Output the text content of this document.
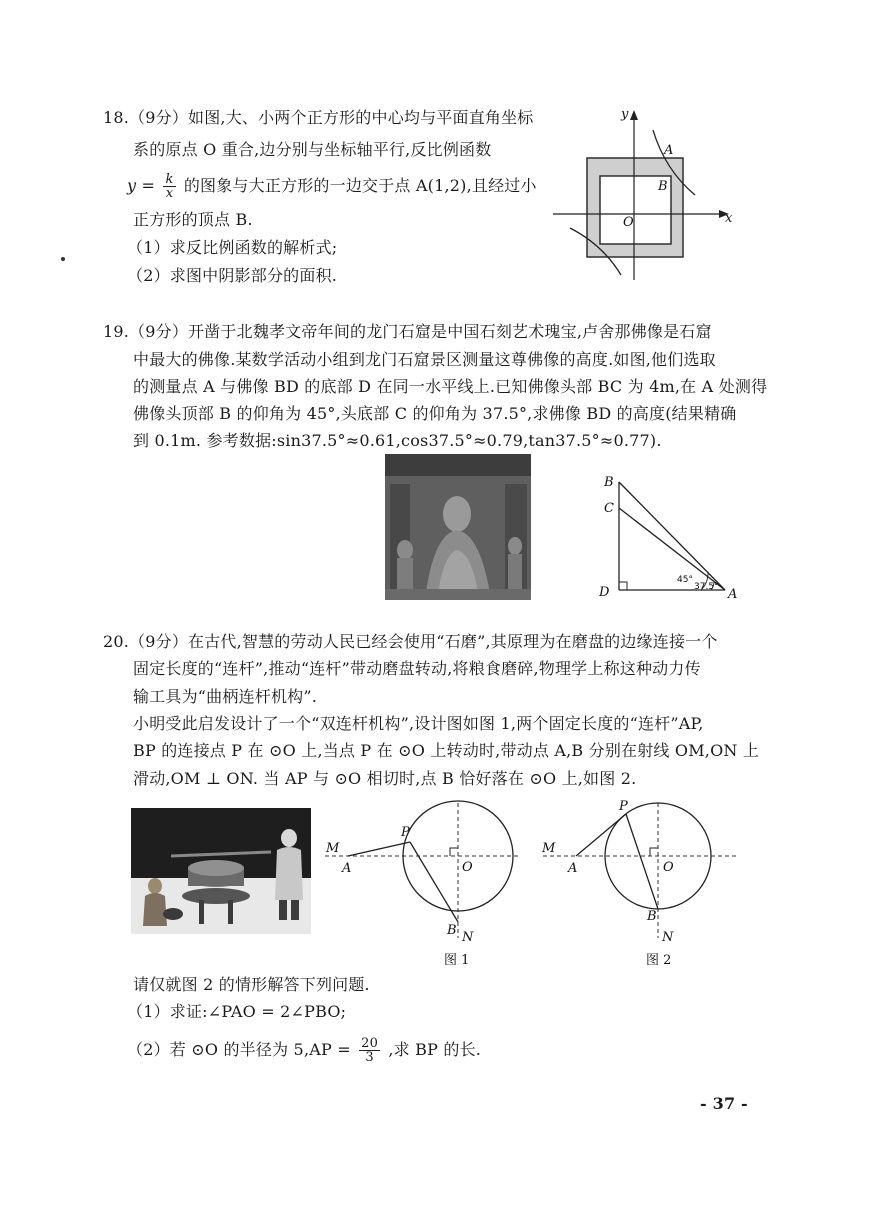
18.（9分）如图,大、小两个正方形的中心均与平面直角坐标
系的原点 O 重合,边分别与坐标轴平行,反比例函数
$y = \frac{k}{x}$ 的图象与大正方形的一边交于点 A(1,2),且经过小
正方形的顶点 B.
（1）求反比例函数的解析式;
（2）求图中阴影部分的面积.
y
x
O
A
B
19.（9分）开凿于北魏孝文帝年间的龙门石窟是中国石刻艺术瑰宝,卢舍那佛像是石窟
中最大的佛像.某数学活动小组到龙门石窟景区测量这尊佛像的高度.如图,他们选取
的测量点 A 与佛像 BD 的底部 D 在同一水平线上.已知佛像头部 BC 为 4m,在 A 处测得
佛像头顶部 B 的仰角为 45°,头底部 C 的仰角为 37.5°,求佛像 BD 的高度(结果精确
到 0.1m. 参考数据:sin37.5°≈0.61,cos37.5°≈0.79,tan37.5°≈0.77).
B
C
D	A
45°
37.5°
20.（9分）在古代,智慧的劳动人民已经会使用“石磨”,其原理为在磨盘的边缘连接一个
固定长度的“连杆”,推动“连杆”带动磨盘转动,将粮食磨碎,物理学上称这种动力传
输工具为“曲柄连杆机构”.
小明受此启发设计了一个“双连杆机构”,设计图如图 1,两个固定长度的“连杆”AP,
BP 的连接点 P 在 ⊙O 上,当点 P 在 ⊙O 上转动时,带动点 A,B 分别在射线 OM,ON 上
滑动,OM ⊥ ON. 当 AP 与 ⊙O 相切时,点 B 恰好落在 ⊙O 上,如图 2.
M
A
P
O
B N
图 1
M
A
P
O
B
N
图 2
请仅就图 2 的情形解答下列问题.
（1）求证:∠PAO = 2∠PBO;
（2）若 ⊙O 的半径为 $5,AP = \frac{20}{3}$ ,求 BP 的长.
- 37 -
